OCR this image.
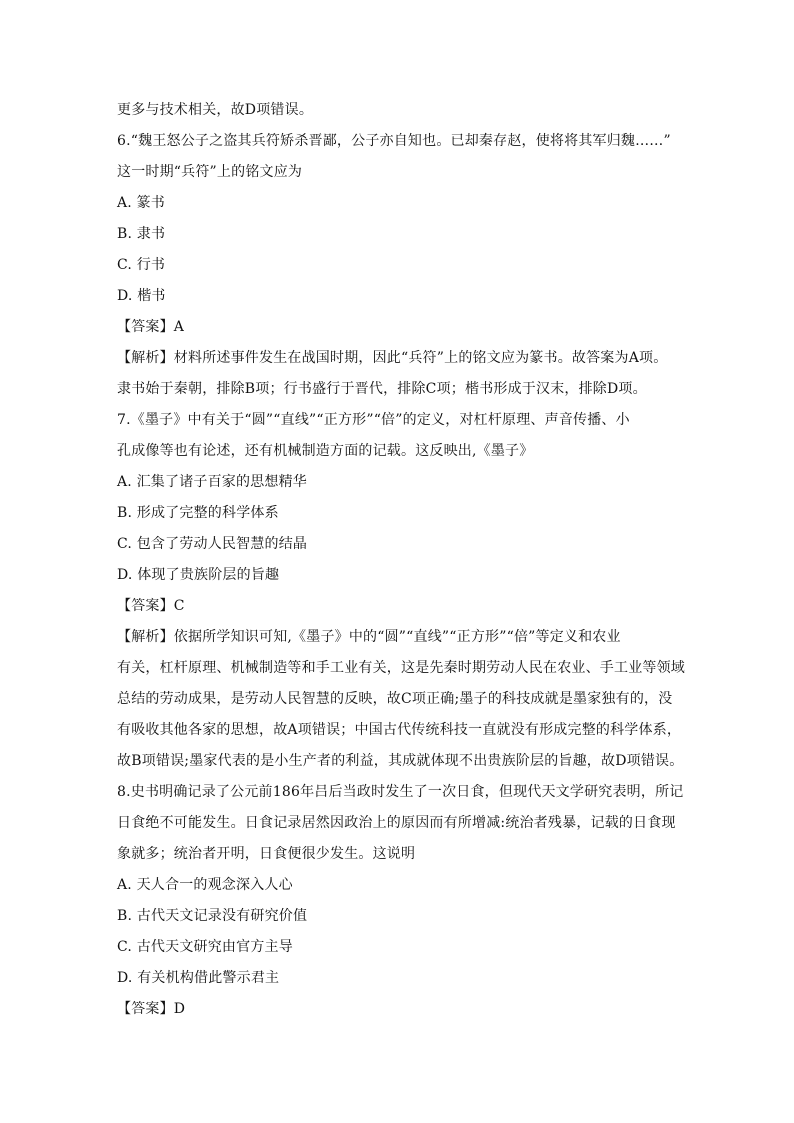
更多与技术相关，故D项错误。

6.“魏王怒公子之盗其兵符矫杀晋鄙，公子亦自知也。已却秦存赵，使将将其军归魏……”

这一时期“兵符”上的铭文应为

A. 篆书

B. 隶书

C. 行书

D. 楷书

【答案】A

【解析】材料所述事件发生在战国时期，因此“兵符”上的铭文应为篆书。故答案为A项。

隶书始于秦朝，排除B项；行书盛行于晋代，排除C项；楷书形成于汉末，排除D项。

7.《墨子》中有关于“圆”“直线”“正方形”“倍”的定义，对杠杆原理、声音传播、小

孔成像等也有论述，还有机械制造方面的记载。这反映出,《墨子》

A. 汇集了诸子百家的思想精华

B. 形成了完整的科学体系

C. 包含了劳动人民智慧的结晶

D. 体现了贵族阶层的旨趣

【答案】C

【解析】依据所学知识可知,《墨子》中的“圆”“直线”“正方形”“倍”等定义和农业

有关，杠杆原理、机械制造等和手工业有关，这是先秦时期劳动人民在农业、手工业等领域

总结的劳动成果，是劳动人民智慧的反映，故C项正确;墨子的科技成就是墨家独有的，没

有吸收其他各家的思想，故A项错误；中国古代传统科技一直就没有形成完整的科学体系，

故B项错误;墨家代表的是小生产者的利益，其成就体现不出贵族阶层的旨趣，故D项错误。

8.史书明确记录了公元前186年吕后当政时发生了一次日食，但现代天文学研究表明，所记

日食绝不可能发生。日食记录居然因政治上的原因而有所增减:统治者残暴，记载的日食现

象就多；统治者开明，日食便很少发生。这说明

A. 天人合一的观念深入人心

B. 古代天文记录没有研究价值

C. 古代天文研究由官方主导

D. 有关机构借此警示君主

【答案】D
